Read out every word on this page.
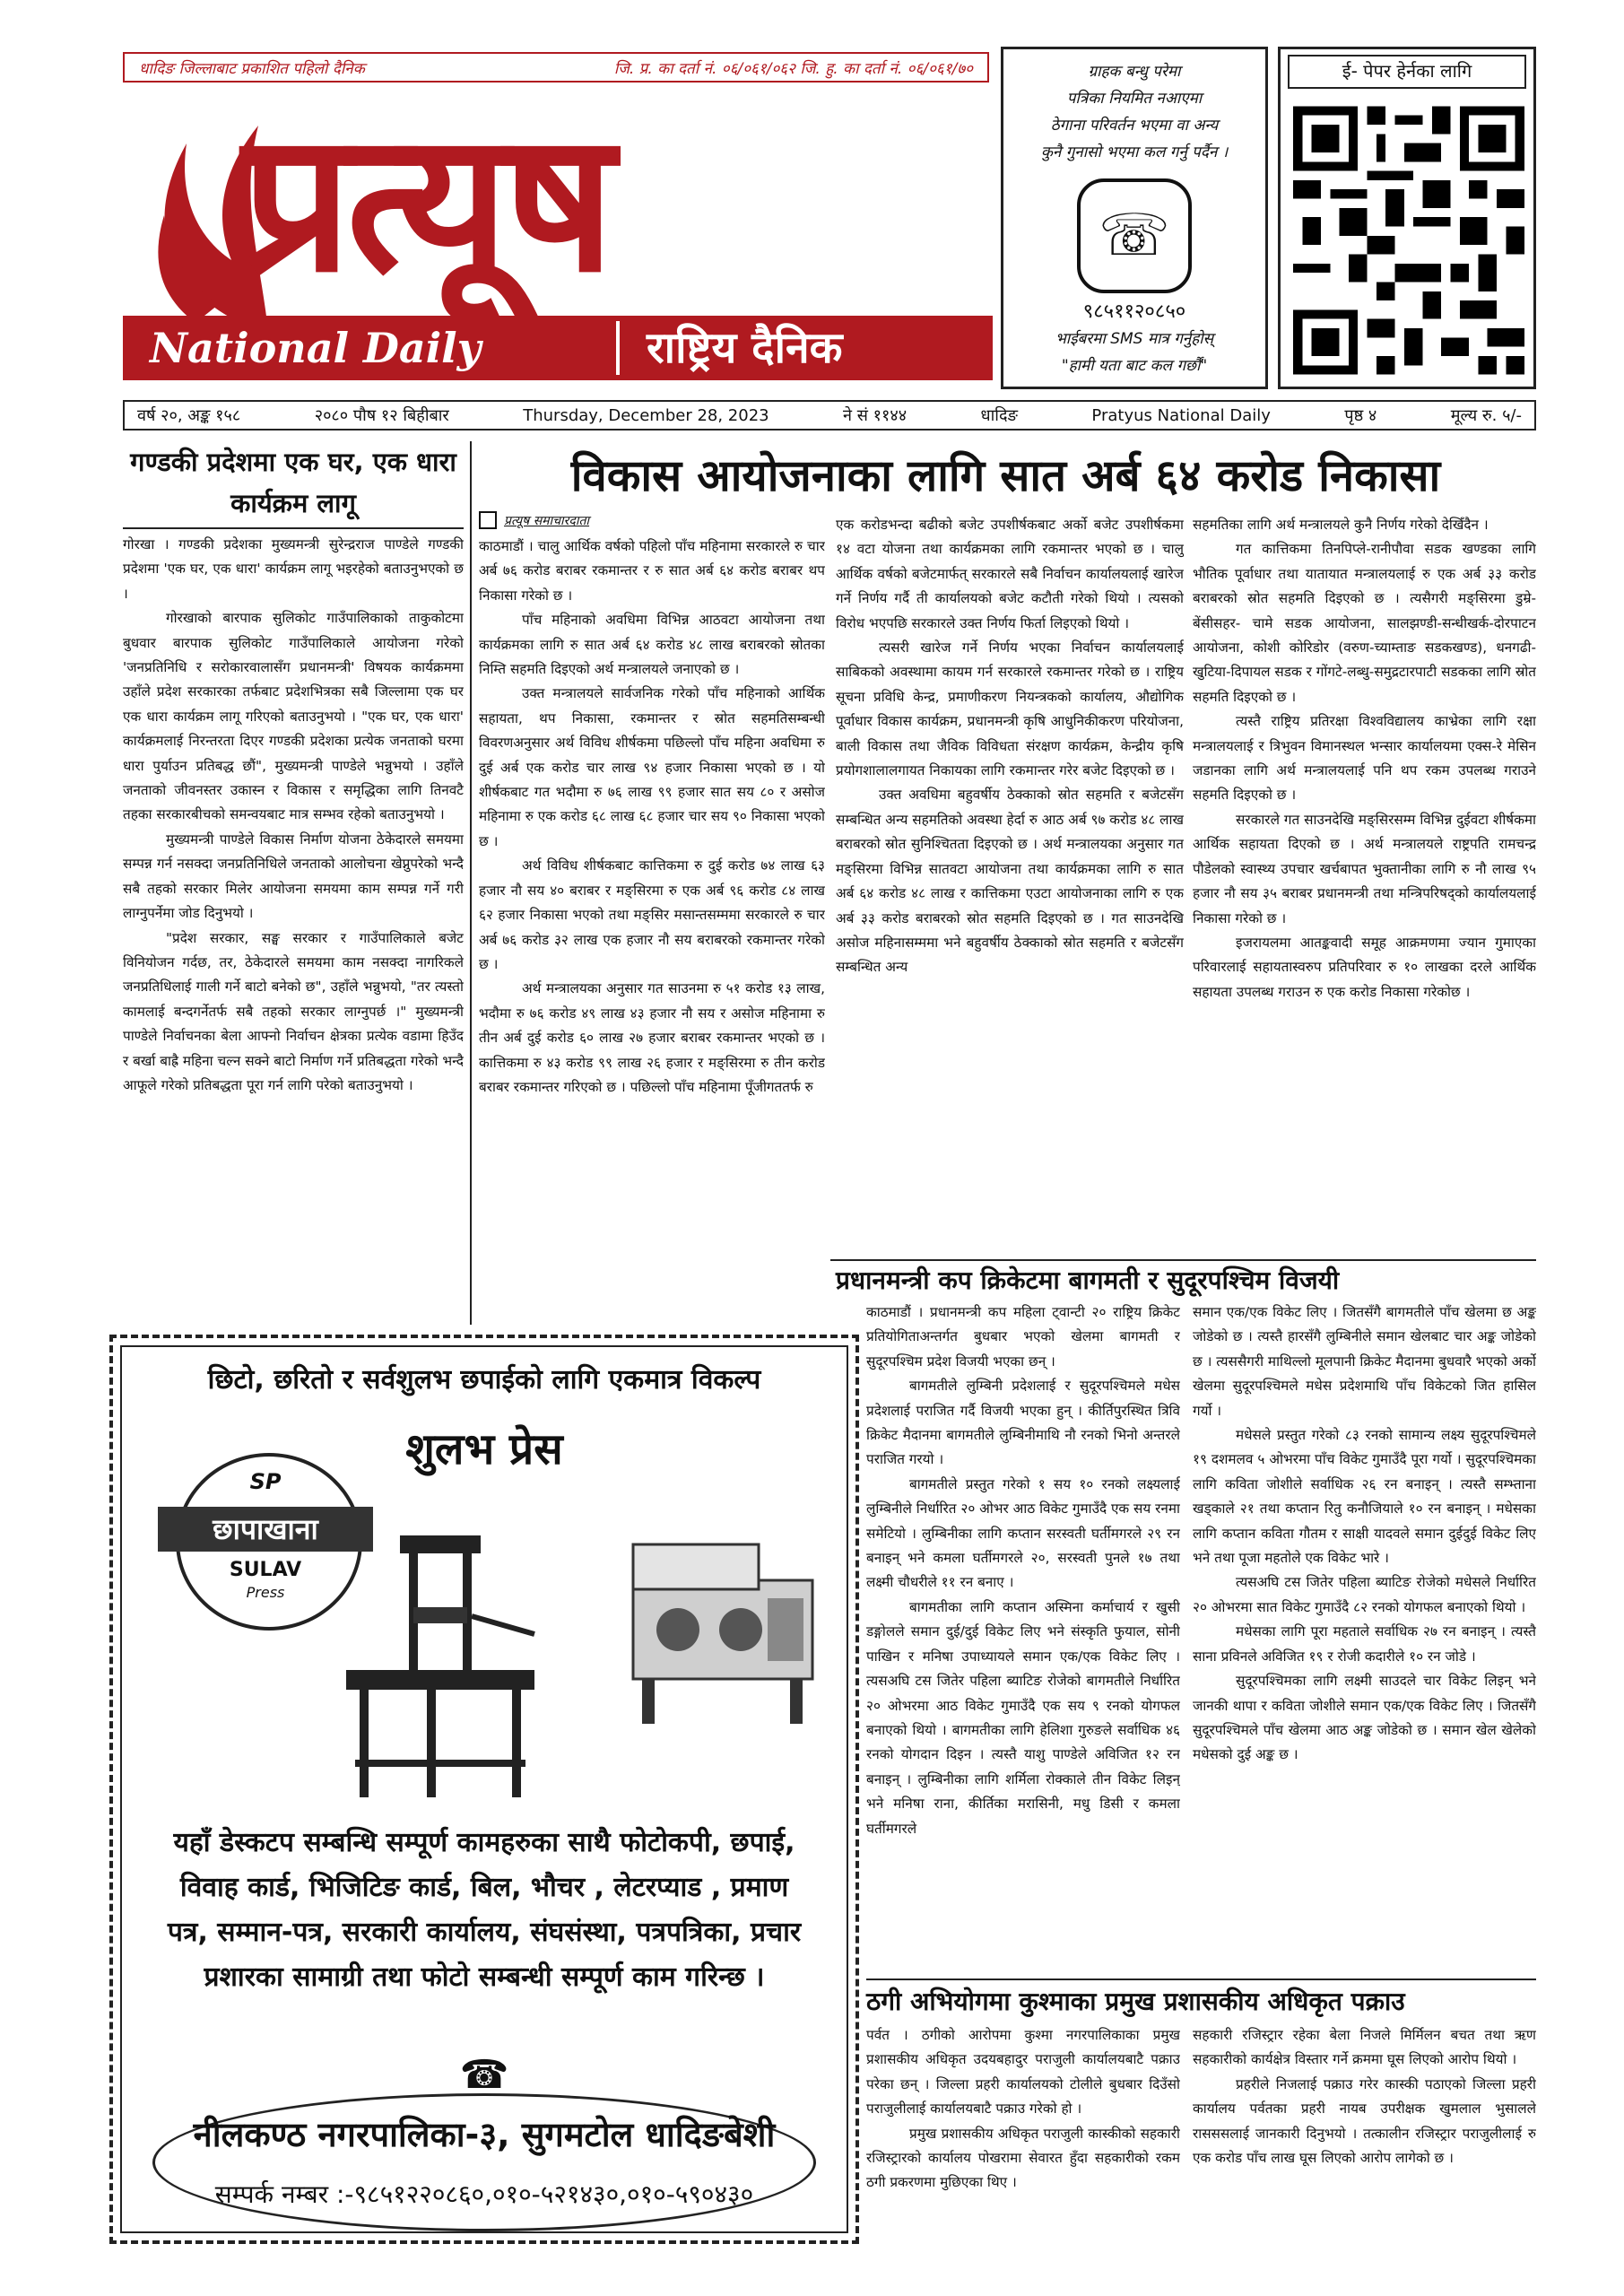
धादिङ जिल्लाबाट प्रकाशित पहिलो दैनिक	जि. प्र. का दर्ता नं. ०६/०६१/०६२ जि. हु. का दर्ता नं. ०६/०६१/७०
प्रत्यूष
National Daily	राष्ट्रिय दैनिक
ग्राहक बन्धु परेमा
पत्रिका नियमित नआएमा
ठेगाना परिवर्तन भएमा वा अन्य
कुनै गुनासो भएमा कल गर्नु पर्दैन ।
☏
९८५११२०८५०
भाईबरमा SMS मात्र गर्नुहोस्
"हामी यता बाट कल गर्छौं"
ई- पेपर हेर्नका लागि
वर्ष २०, अङ्क १५८	२०८० पौष १२ बिहीबार	Thursday, December 28, 2023	ने सं ११४४	धादिङ	Pratyus National Daily	पृष्ठ ४	मूल्य रु. ५/-
गण्डकी प्रदेशमा एक घर, एक धारा कार्यक्रम लागू

गोरखा । गण्डकी प्रदेशका मुख्यमन्त्री सुरेन्द्रराज पाण्डेले गण्डकी प्रदेशमा 'एक घर, एक धारा' कार्यक्रम लागू भइरहेको बताउनुभएको छ ।

गोरखाको बारपाक सुलिकोट गाउँपालिकाको ताकुकोटमा बुधवार बारपाक सुलिकोट गाउँपालिकाले आयोजना गरेको 'जनप्रतिनिधि र सरोकारवालासँग प्रधानमन्त्री' विषयक कार्यक्रममा उहाँले प्रदेश सरकारका तर्फबाट प्रदेशभित्रका सबै जिल्लामा एक घर एक धारा कार्यक्रम लागू गरिएको बताउनुभयो । "एक घर, एक धारा' कार्यक्रमलाई निरन्तरता दिएर गण्डकी प्रदेशका प्रत्येक जनताको घरमा धारा पुर्याउन प्रतिबद्ध छौं", मुख्यमन्त्री पाण्डेले भन्नुभयो । उहाँले जनताको जीवनस्तर उकास्न र विकास र समृद्धिका लागि तिनवटै तहका सरकारबीचको समन्वयबाट मात्र सम्भव रहेको बताउनुभयो ।

मुख्यमन्त्री पाण्डेले विकास निर्माण योजना ठेकेदारले समयमा सम्पन्न गर्न नसक्दा जनप्रतिनिधिले जनताको आलोचना खेप्नुपरेको भन्दै सबै तहको सरकार मिलेर आयोजना समयमा काम सम्पन्न गर्ने गरी लाग्नुपर्नेमा जोड दिनुभयो ।

"प्रदेश सरकार, सङ्घ सरकार र गाउँपालिकाले बजेट विनियोजन गर्दछ, तर, ठेकेदारले समयमा काम नसक्दा नागरिकले जनप्रतिधिलाई गाली गर्ने बाटो बनेको छ", उहाँले भन्नुभयो, "तर त्यस्तो कामलाई बन्दगर्नेतर्फ सबै तहको सरकार लाग्नुपर्छ ।" मुख्यमन्त्री पाण्डेले निर्वाचनका बेला आफ्नो निर्वाचन क्षेत्रका प्रत्येक वडामा हिउँद र बर्खा बाह्रै महिना चल्न सक्ने बाटो निर्माण गर्ने प्रतिबद्धता गरेको भन्दै आफूले गरेको प्रतिबद्धता पूरा गर्न लागि परेको बताउनुभयो ।

विकास आयोजनाका लागि सात अर्ब ६४ करोड निकासा
प्रत्यूष समाचारदाता

काठमाडौं । चालु आर्थिक वर्षको पहिलो पाँच महिनामा सरकारले रु चार अर्ब ७६ करोड बराबर रकमान्तर र रु सात अर्ब ६४ करोड बराबर थप निकासा गरेको छ ।

पाँच महिनाको अवधिमा विभिन्न आठवटा आयोजना तथा कार्यक्रमका लागि रु सात अर्ब ६४ करोड ४८ लाख बराबरको स्रोतका निम्ति सहमति दिइएको अर्थ मन्त्रालयले जनाएको छ ।

उक्त मन्त्रालयले सार्वजनिक गरेको पाँच महिनाको आर्थिक सहायता, थप निकासा, रकमान्तर र स्रोत सहमतिसम्बन्धी विवरणअनुसार अर्थ विविध शीर्षकमा पछिल्लो पाँच महिना अवधिमा रु दुई अर्ब एक करोड चार लाख ९४ हजार निकासा भएको छ । यो शीर्षकबाट गत भदौमा रु ७६ लाख ९९ हजार सात सय ८० र असोज महिनामा रु एक करोड ६८ लाख ६८ हजार चार सय ९० निकासा भएको छ ।

अर्थ विविध शीर्षकबाट कात्तिकमा रु दुई करोड ७४ लाख ६३ हजार नौ सय ४० बराबर र मङ्सिरमा रु एक अर्ब ९६ करोड ८४ लाख ६२ हजार निकासा भएको तथा मङ्सिर मसान्तसम्ममा सरकारले रु चार अर्ब ७६ करोड ३२ लाख एक हजार नौ सय बराबरको रकमान्तर गरेको छ ।

अर्थ मन्त्रालयका अनुसार गत साउनमा रु ५१ करोड १३ लाख, भदौमा रु ७६ करोड ४९ लाख ४३ हजार नौ सय र असोज महिनामा रु तीन अर्ब दुई करोड ६० लाख २७ हजार बराबर रकमान्तर भएको छ । कात्तिकमा रु ४३ करोड ९९ लाख २६ हजार र मङ्सिरमा रु तीन करोड बराबर रकमान्तर गरिएको छ । पछिल्लो पाँच महिनामा पूँजीगततर्फ रु

एक करोडभन्दा बढीको बजेट उपशीर्षकबाट अर्को बजेट उपशीर्षकमा १४ वटा योजना तथा कार्यक्रमका लागि रकमान्तर भएको छ । चालु आर्थिक वर्षको बजेटमार्फत् सरकारले सबै निर्वाचन कार्यालयलाई खारेज गर्ने निर्णय गर्दै ती कार्यालयको बजेट कटौती गरेको थियो । त्यसको विरोध भएपछि सरकारले उक्त निर्णय फिर्ता लिइएको थियो ।

त्यसरी खारेज गर्ने निर्णय भएका निर्वाचन कार्यालयलाई साबिकको अवस्थामा कायम गर्न सरकारले रकमान्तर गरेको छ । राष्ट्रिय सूचना प्रविधि केन्द्र, प्रमाणीकरण नियन्त्रकको कार्यालय, औद्योगिक पूर्वाधार विकास कार्यक्रम, प्रधानमन्त्री कृषि आधुनिकीकरण परियोजना, बाली विकास तथा जैविक विविधता संरक्षण कार्यक्रम, केन्द्रीय कृषि प्रयोगशालालगायत निकायका लागि रकमान्तर गरेर बजेट दिइएको छ ।

उक्त अवधिमा बहुवर्षीय ठेक्काको स्रोत सहमति र बजेटसँग सम्बन्धित अन्य सहमतिको अवस्था हेर्दा रु आठ अर्ब ९७ करोड ४८ लाख बराबरको स्रोत सुनिश्चितता दिइएको छ । अर्थ मन्त्रालयका अनुसार गत मङ्सिरमा विभिन्न सातवटा आयोजना तथा कार्यक्रमका लागि रु सात अर्ब ६४ करोड ४८ लाख र कात्तिकमा एउटा आयोजनाका लागि रु एक अर्ब ३३ करोड बराबरको स्रोत सहमति दिइएको छ । गत साउनदेखि असोज महिनासम्ममा भने बहुवर्षीय ठेक्काको स्रोत सहमति र बजेटसँग सम्बन्धित अन्य

सहमतिका लागि अर्थ मन्त्रालयले कुनै निर्णय गरेको देखिँदैन ।

गत कात्तिकमा तिनपिप्ले-रानीपौवा सडक खण्डका लागि भौतिक पूर्वाधार तथा यातायात मन्त्रालयलाई रु एक अर्ब ३३ करोड बराबरको स्रोत सहमति दिइएको छ । त्यसैगरी मङ्सिरमा डुम्रे-बेंसीसहर- चामे सडक आयोजना, सालझण्डी-सन्धीखर्क-दोरपाटन आयोजना, कोशी कोरिडोर (वरुण-च्याम्ताङ सडकखण्ड), धनगढी-खुटिया-दिपायल सडक र गोंगटे-लब्धु-समुद्रटारपाटी सडकका लागि स्रोत सहमति दिइएको छ ।

त्यस्तै राष्ट्रिय प्रतिरक्षा विश्वविद्यालय काभ्रेका लागि रक्षा मन्त्रालयलाई र त्रिभुवन विमानस्थल भन्सार कार्यालयमा एक्स-रे मेसिन जडानका लागि अर्थ मन्त्रालयलाई पनि थप रकम उपलब्ध गराउने सहमति दिइएको छ ।

सरकारले गत साउनदेखि मङ्सिरसम्म विभिन्न दुईवटा शीर्षकमा आर्थिक सहायता दिएको छ । अर्थ मन्त्रालयले राष्ट्रपति रामचन्द्र पौडेलको स्वास्थ्य उपचार खर्चबापत भुक्तानीका लागि रु नौ लाख ९५ हजार नौ सय ३५ बराबर प्रधानमन्त्री तथा मन्त्रिपरिषद्को कार्यालयलाई निकासा गरेको छ ।

इजरायलमा आतङ्कवादी समूह आक्रमणमा ज्यान गुमाएका परिवारलाई सहायतास्वरुप प्रतिपरिवार रु १० लाखका दरले आर्थिक सहायता उपलब्ध गराउन रु एक करोड निकासा गरेकोछ ।

प्रधानमन्त्री कप क्रिकेटमा बागमती र सुदूरपश्चिम विजयी

काठमाडौं । प्रधानमन्त्री कप महिला ट्वान्टी २० राष्ट्रिय क्रिकेट प्रतियोगिताअन्तर्गत बुधबार भएको खेलमा बागमती र सुदूरपश्चिम प्रदेश विजयी भएका छन् ।

बागमतीले लुम्बिनी प्रदेशलाई र सुदूरपश्चिमले मधेस प्रदेशलाई पराजित गर्दै विजयी भएका हुन् । कीर्तिपुरस्थित त्रिवि क्रिकेट मैदानमा बागमतीले लुम्बिनीमाथि नौ रनको भिनो अन्तरले पराजित गरयो ।

बागमतीले प्रस्तुत गरेको १ सय १० रनको लक्ष्यलाई लुम्बिनीले निर्धारित २० ओभर आठ विकेट गुमाउँदै एक सय रनमा समेटियो । लुम्बिनीका लागि कप्तान सरस्वती घर्तीमगरले २९ रन बनाइन् भने कमला घर्तीमगरले २०, सरस्वती पुनले १७ तथा लक्ष्मी चौधरीले ११ रन बनाए ।

बागमतीका लागि कप्तान अस्मिना कर्माचार्य र खुसी डङ्गोलले समान दुई/दुई विकेट लिए भने संस्कृति फुयाल, सोनी पाखिन र मनिषा उपाध्यायले समान एक/एक विकेट लिए । त्यसअघि टस जितेर पहिला ब्याटिङ रोजेको बागमतीले निर्धारित २० ओभरमा आठ विकेट गुमाउँदै एक सय ९ रनको योगफल बनाएको थियो । बागमतीका लागि हेलिशा गुरुङले सर्वाधिक ४६ रनको योगदान दिइन । त्यस्तै याशु पाण्डेले अविजित १२ रन बनाइन् । लुम्बिनीका लागि शर्मिला रोक्काले तीन विकेट लिइन् भने मनिषा राना, कीर्तिका मरासिनी, मधु डिसी र कमला घर्तीमगरले

समान एक/एक विकेट लिए । जितसँगै बागमतीले पाँच खेलमा छ अङ्क जोडेको छ । त्यस्तै हारसँगै लुम्बिनीले समान खेलबाट चार अङ्क जोडेको छ । त्यससैगरी माथिल्लो मूलपानी क्रिकेट मैदानमा बुधवारै भएको अर्को खेलमा सुदूरपश्चिमले मधेस प्रदेशमाथि पाँच विकेटको जित हासिल गर्यो ।

मधेसले प्रस्तुत गरेको ८३ रनको सामान्य लक्ष्य सुदूरपश्चिमले १९ दशमलव ५ ओभरमा पाँच विकेट गुमाउँदै पूरा गर्यो । सुदूरपश्चिमका लागि कविता जोशीले सर्वाधिक २६ रन बनाइन् । त्यस्तै सम्भ्ताना खड्काले २१ तथा कप्तान रितु कनौजियाले १० रन बनाइन् । मधेसका लागि कप्तान कविता गौतम र साक्षी यादवले समान दुईदुई विकेट लिए भने तथा पूजा महतोले एक विकेट भारे ।

त्यसअघि टस जितेर पहिला ब्याटिङ रोजेको मधेसले निर्धारित २० ओभरमा सात विकेट गुमाउँदै ८२ रनको योगफल बनाएको थियो ।

मधेसका लागि पूरा महताले सर्वाधिक २७ रन बनाइन् । त्यस्तै साना प्रविनले अविजित १९ र रोजी कदारीले १० रन जोडे ।

सुदूरपश्चिमका लागि लक्ष्मी साउदले चार विकेट लिइन् भने जानकी थापा र कविता जोशीले समान एक/एक विकेट लिए । जितसँगै सुदूरपश्चिमले पाँच खेलमा आठ अङ्क जोडेको छ । समान खेल खेलेको मधेसको दुई अङ्क छ ।

ठगी अभियोगमा कुश्माका प्रमुख प्रशासकीय अधिकृत पक्राउ

पर्वत । ठगीको आरोपमा कुश्मा नगरपालिकाका प्रमुख प्रशासकीय अधिकृत उदयबहादुर पराजुली कार्यालयबाटै पक्राउ परेका छन् । जिल्ला प्रहरी कार्यालयको टोलीले बुधबार दिउँसो पराजुलीलाई कार्यालयबाटै पक्राउ गरेको हो ।

प्रमुख प्रशासकीय अधिकृत पराजुली कास्कीको सहकारी रजिस्ट्रारको कार्यालय पोखरामा सेवारत हुँदा सहकारीको रकम ठगी प्रकरणमा मुछिएका थिए ।

सहकारी रजिस्ट्रार रहेका बेला निजले मिर्मिलन बचत तथा ऋण सहकारीको कार्यक्षेत्र विस्तार गर्ने क्रममा घूस लिएको आरोप थियो ।

प्रहरीले निजलाई पक्राउ गरेर कास्की पठाएको जिल्ला प्रहरी कार्यालय पर्वतका प्रहरी नायब उपरीक्षक खुमलाल भुसालले रासससलाई जानकारी दिनुभयो । तत्कालीन रजिस्ट्रार पराजुलीलाई रु एक करोड पाँच लाख घूस लिएको आरोप लागेको छ ।

छिटो, छरितो र सर्वशुलभ छपाईको लागि एकमात्र विकल्प
शुलभ प्रेस
SP
छापाखाना
SULAV
Press
यहाँ डेस्कटप सम्बन्धि सम्पूर्ण कामहरुका साथै फोटोकपी, छपाई, विवाह कार्ड, भिजिटिङ कार्ड, बिल, भौचर , लेटरप्याड , प्रमाण पत्र, सम्मान-पत्र, सरकारी कार्यालय, संघसंस्था, पत्रपत्रिका, प्रचार प्रशारका सामाग्री तथा फोटो सम्बन्धी सम्पूर्ण काम गरिन्छ ।
☎
नीलकण्ठ नगरपालिका-३, सुगमटोल धादिङबेशी
सम्पर्क नम्बर :-९८५१२२०८६०,०१०-५२१४३०,०१०-५९०४३०
